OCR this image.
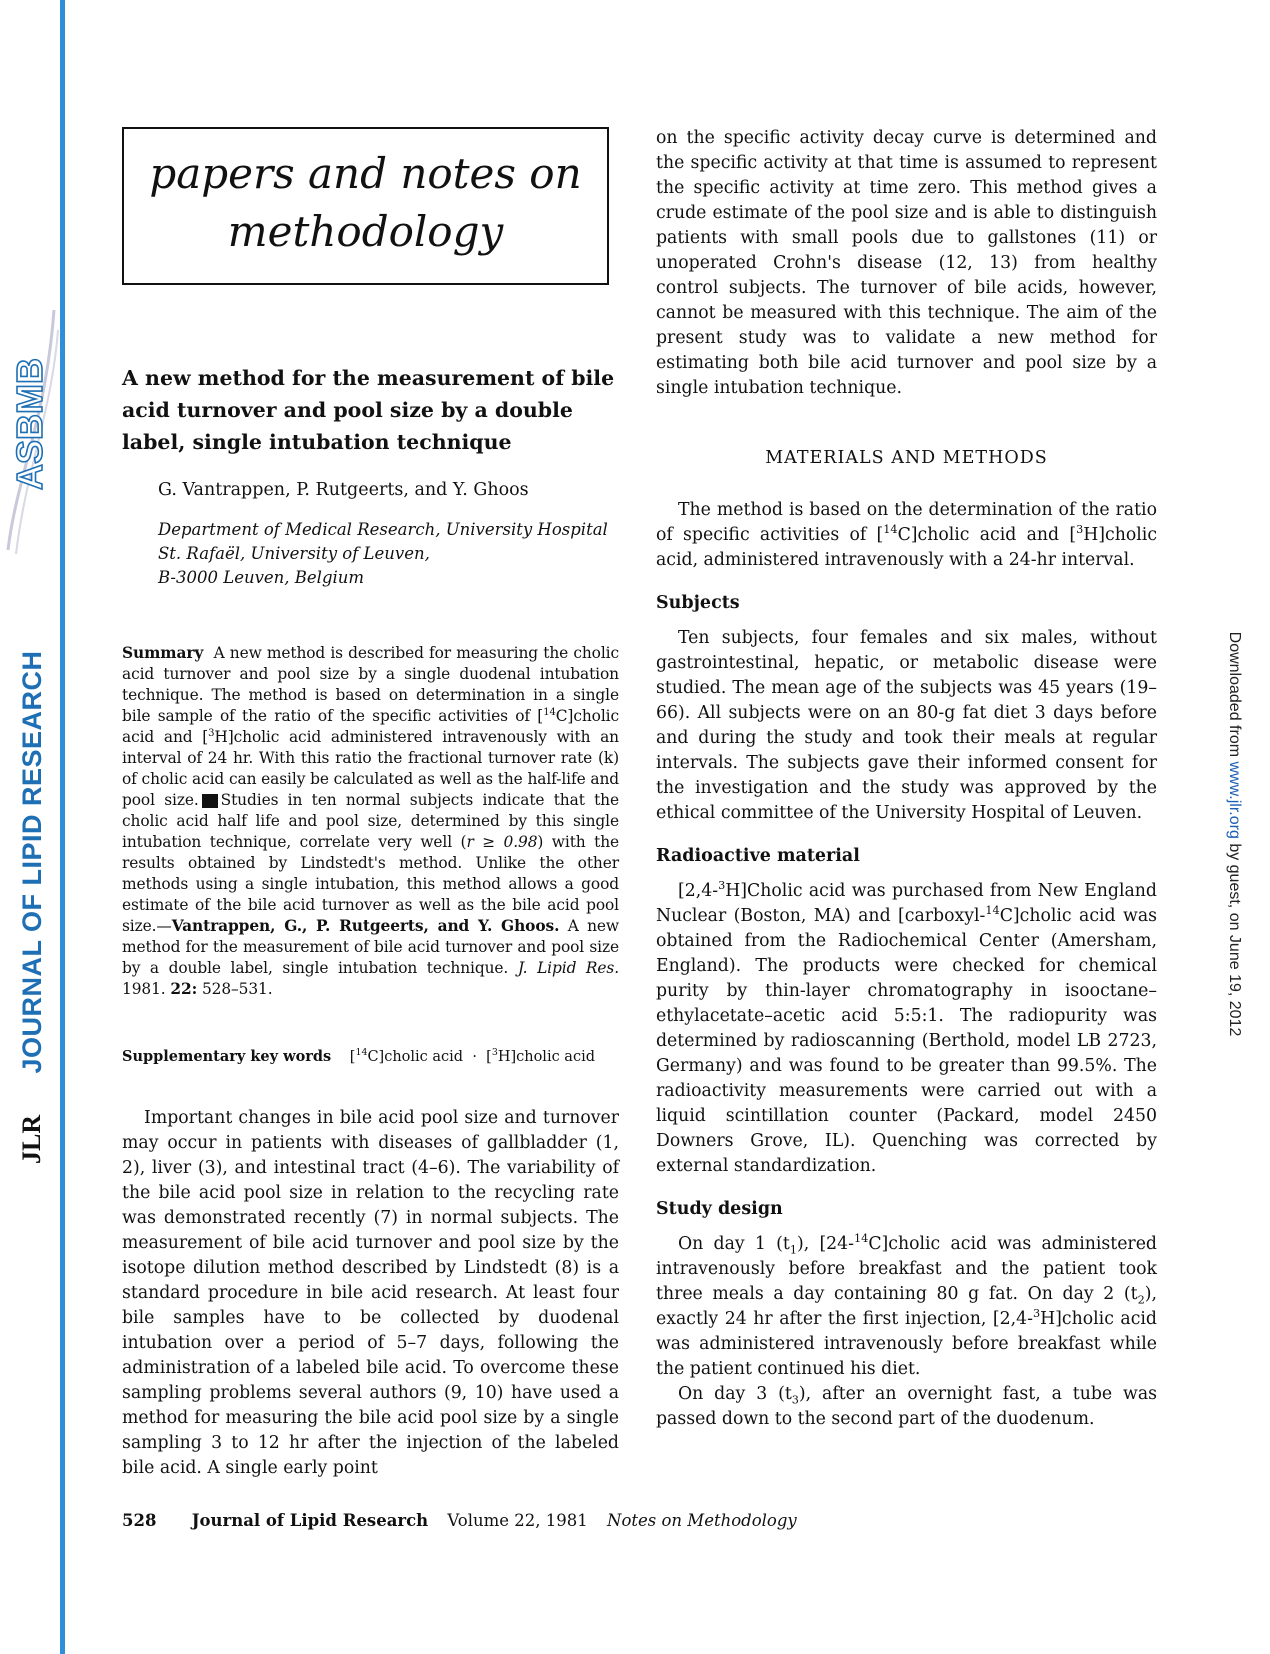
ASBMB
JOURNAL OF LIPID RESEARCH
JLR
Downloaded from www.jlr.org by guest, on June 19, 2012
papers and notes on
methodology
A new method for the measurement of bile acid turnover and pool size by a double label, single intubation technique
G. Vantrappen, P. Rutgeerts, and Y. Ghoos
Department of Medical Research, University Hospital
St. Rafaël, University of Leuven,
B-3000 Leuven, Belgium
Summary A new method is described for measuring the cholic acid turnover and pool size by a single duodenal intubation technique. The method is based on determination in a single bile sample of the ratio of the specific activities of [$^{14}$C]cholic acid and [$^3$H]cholic acid administered intravenously with an interval of 24 hr. With this ratio the fractional turnover rate (k) of cholic acid can easily be calculated as well as the half-life and pool size. Studies in ten normal subjects indicate that the cholic acid half life and pool size, determined by this single intubation technique, correlate very well (r ≥ 0.98) with the results obtained by Lindstedt's method. Unlike the other methods using a single intubation, this method allows a good estimate of the bile acid turnover as well as the bile acid pool size.—Vantrappen, G., P. Rutgeerts, and Y. Ghoos. A new method for the measurement of bile acid turnover and pool size by a double label, single intubation technique. J. Lipid Res. 1981. 22: 528–531.
Supplementary key words [$^{14}$C]cholic acid · [$^3$H]cholic acid

Important changes in bile acid pool size and turnover may occur in patients with diseases of gallbladder (1, 2), liver (3), and intestinal tract (4–6). The variability of the bile acid pool size in relation to the recycling rate was demonstrated recently (7) in normal subjects. The measurement of bile acid turnover and pool size by the isotope dilution method described by Lindstedt (8) is a standard procedure in bile acid research. At least four bile samples have to be collected by duodenal intubation over a period of 5–7 days, following the administration of a labeled bile acid. To overcome these sampling problems several authors (9, 10) have used a method for measuring the bile acid pool size by a single sampling 3 to 12 hr after the injection of the labeled bile acid. A single early point

on the specific activity decay curve is determined and the specific activity at that time is assumed to represent the specific activity at time zero. This method gives a crude estimate of the pool size and is able to distinguish patients with small pools due to gallstones (11) or unoperated Crohn's disease (12, 13) from healthy control subjects. The turnover of bile acids, however, cannot be measured with this technique. The aim of the present study was to validate a new method for estimating both bile acid turnover and pool size by a single intubation technique.

MATERIALS AND METHODS

The method is based on the determination of the ratio of specific activities of [$^{14}$C]cholic acid and [$^3$H]cholic acid, administered intravenously with a 24-hr interval.

Subjects

Ten subjects, four females and six males, without gastrointestinal, hepatic, or metabolic disease were studied. The mean age of the subjects was 45 years (19–66). All subjects were on an 80-g fat diet 3 days before and during the study and took their meals at regular intervals. The subjects gave their informed consent for the investigation and the study was approved by the ethical committee of the University Hospital of Leuven.

Radioactive material

[2,4-$^3$H]Cholic acid was purchased from New England Nuclear (Boston, MA) and [carboxyl-$^{14}$C]cholic acid was obtained from the Radiochemical Center (Amersham, England). The products were checked for chemical purity by thin-layer chromatography in isooctane–ethylacetate–acetic acid 5:5:1. The radiopurity was determined by radioscanning (Berthold, model LB 2723, Germany) and was found to be greater than 99.5%. The radioactivity measurements were carried out with a liquid scintillation counter (Packard, model 2450 Downers Grove, IL). Quenching was corrected by external standardization.

Study design

On day 1 $(t_1)$, [24-$^{14}$C]cholic acid was administered intravenously before breakfast and the patient took three meals a day containing 80 g fat. On day 2 $(t_2)$, exactly 24 hr after the first injection, [2,4-$^3$H]cholic acid was administered intravenously before breakfast while the patient continued his diet.

On day 3 $(t_3)$, after an overnight fast, a tube was passed down to the second part of the duodenum.

528 Journal of Lipid Research Volume 22, 1981 Notes on Methodology
